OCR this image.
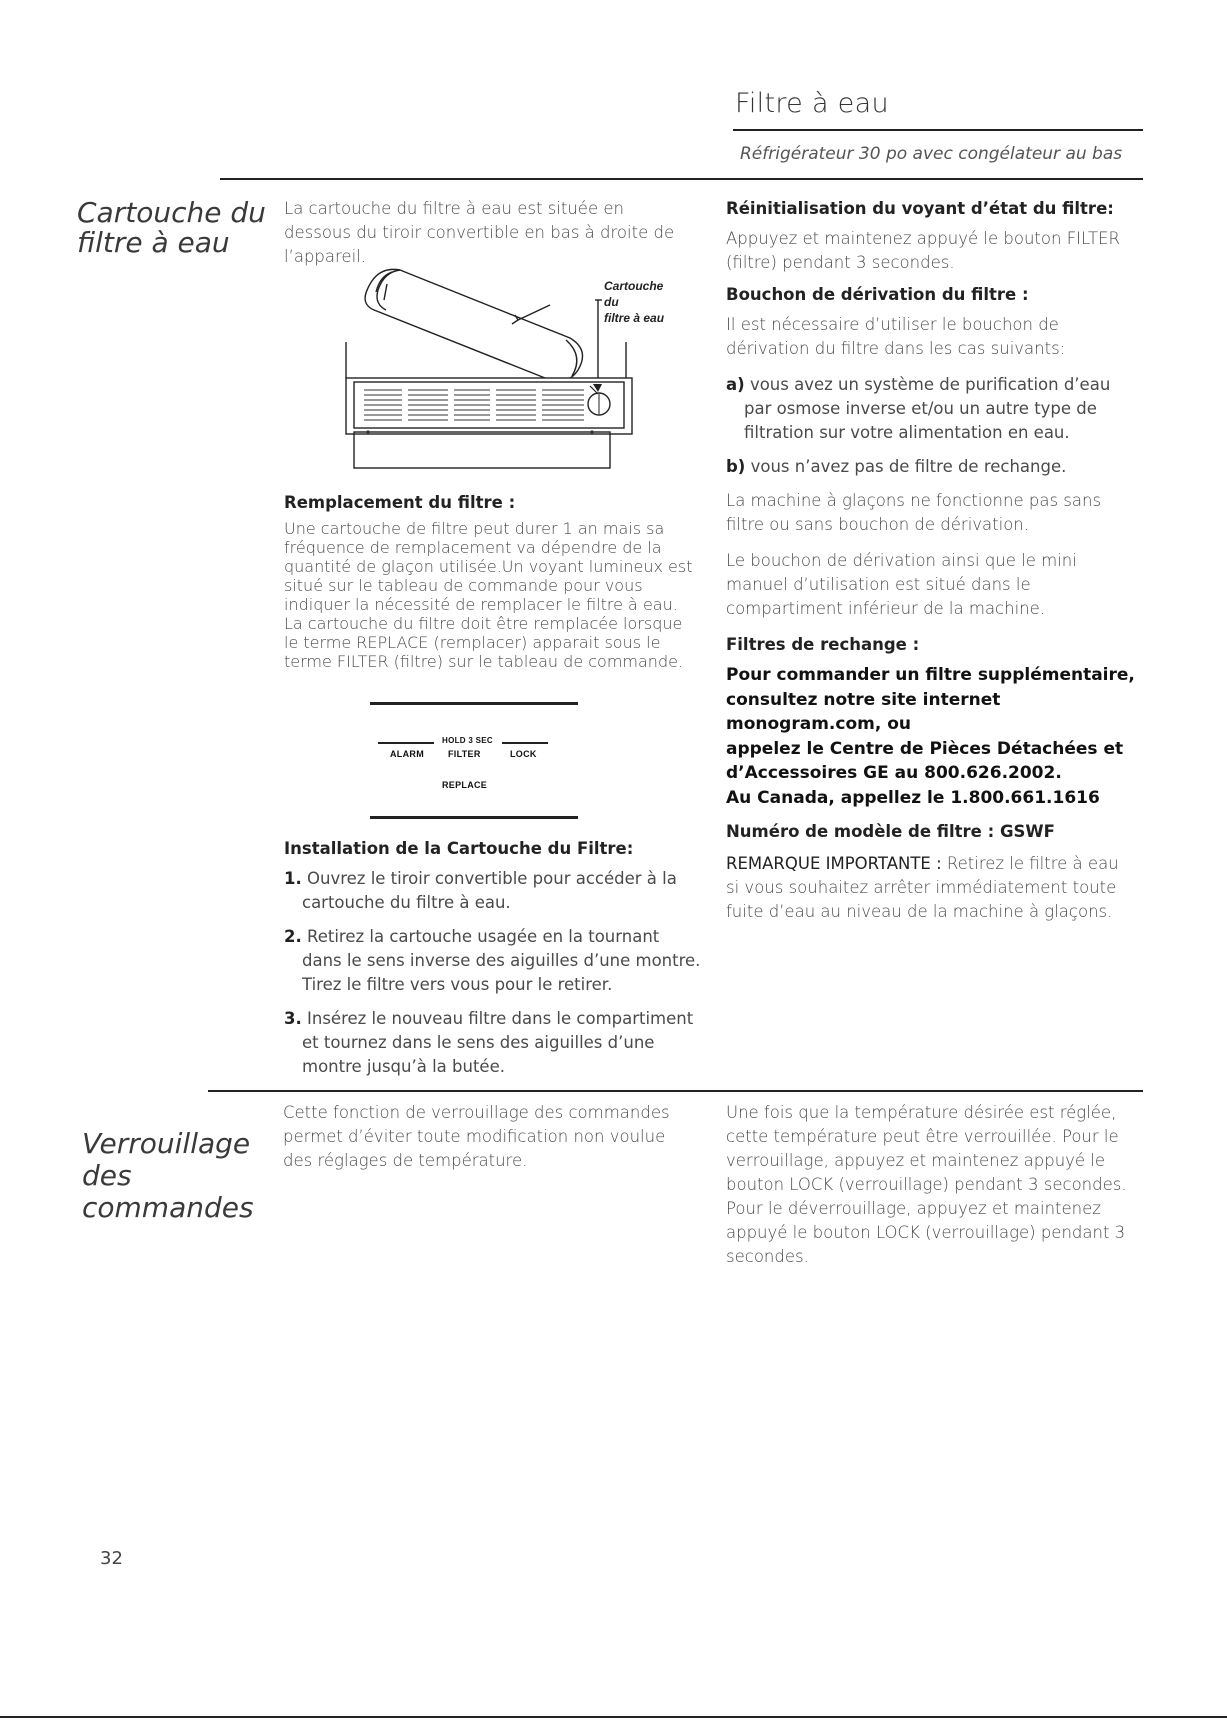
Filtre à eau
Réfrigérateur 30 po avec congélateur au bas
Cartouche du
filtre à eau

La cartouche du filtre à eau est située en dessous du tiroir convertible en bas à droite de l’appareil.

Cartouche du
filtre à eau
Remplacement du filtre :

Une cartouche de filtre peut durer 1 an mais sa fréquence de remplacement va dépendre de la quantité de glaçon utilisée.Un voyant lumineux est situé sur le tableau de commande pour vous indiquer la nécessité de remplacer le filtre à eau. La cartouche du filtre doit être remplacée lorsque le terme REPLACE (remplacer) apparait sous le terme FILTER (filtre) sur le tableau de commande.

HOLD 3 SEC
ALARM	FILTER	LOCK
REPLACE
Installation de la Cartouche du Filtre:
1. Ouvrez le tiroir convertible pour accéder à la cartouche du filtre à eau.
2. Retirez la cartouche usagée en la tournant dans le sens inverse des aiguilles d’une montre. Tirez le filtre vers vous pour le retirer.
3. Insérez le nouveau filtre dans le compartiment et tournez dans le sens des aiguilles d’une montre jusqu’à la butée.
Réinitialisation du voyant d’état du filtre:

Appuyez et maintenez appuyé le bouton FILTER (filtre) pendant 3 secondes.

Bouchon de dérivation du filtre :

Il est nécessaire d’utiliser le bouchon de dérivation du filtre dans les cas suivants:

a) vous avez un système de purification d’eau par osmose inverse et/ou un autre type de filtration sur votre alimentation en eau.
b) vous n’avez pas de filtre de rechange.

La machine à glaçons ne fonctionne pas sans filtre ou sans bouchon de dérivation.

Le bouchon de dérivation ainsi que le mini manuel d’utilisation est situé dans le compartiment inférieur de la machine.

Filtres de rechange :
Pour commander un filtre supplémentaire,
consultez notre site internet monogram.com, ou
appelez le Centre de Pièces Détachées et
d’Accessoires GE au 800.626.2002.
Au Canada, appellez le 1.800.661.1616
Numéro de modèle de filtre : GSWF

REMARQUE IMPORTANTE : Retirez le filtre à eau si vous souhaitez arrêter immédiatement toute fuite d’eau au niveau de la machine à glaçons.

Verrouillage
des
commandes
Cette fonction de verrouillage des commandes permet d’éviter toute modification non voulue des réglages de température.
Une fois que la température désirée est réglée, cette température peut être verrouillée. Pour le verrouillage, appuyez et maintenez appuyé le bouton LOCK (verrouillage) pendant 3 secondes. Pour le déverrouillage, appuyez et maintenez appuyé le bouton LOCK (verrouillage) pendant 3 secondes.
32
